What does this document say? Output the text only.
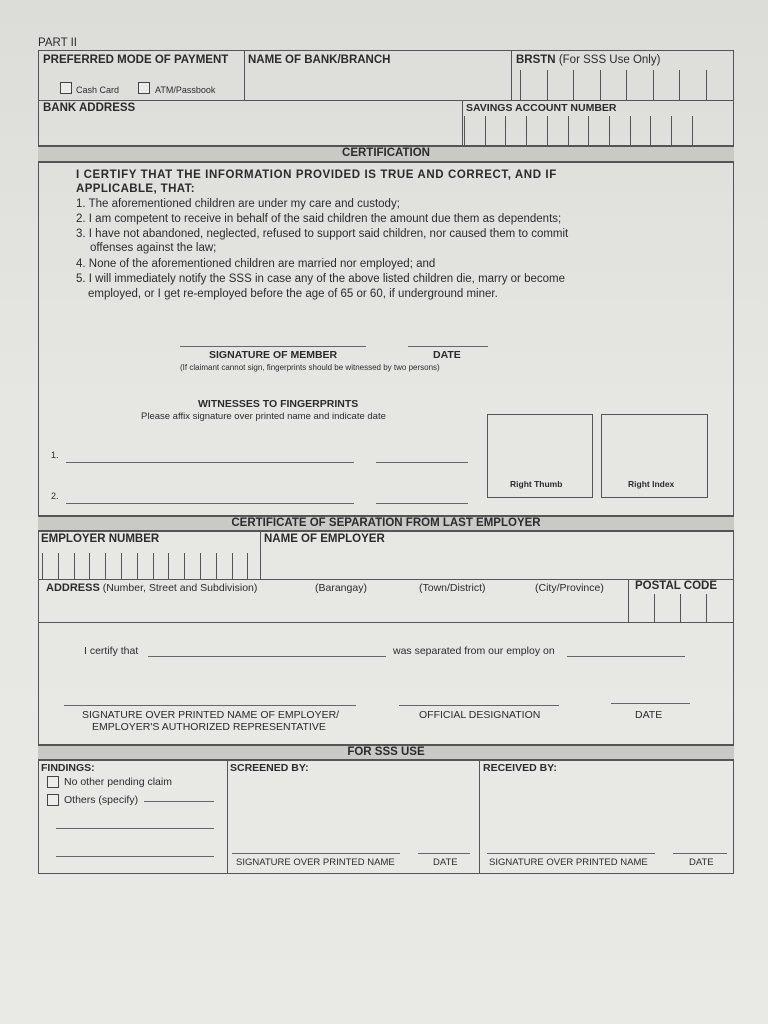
PART II
PREFERRED MODE OF PAYMENT
Cash Card	ATM/Passbook
NAME OF BANK/BRANCH	BRSTN (For SSS Use Only)
BANK ADDRESS	SAVINGS ACCOUNT NUMBER
CERTIFICATION
I CERTIFY THAT THE INFORMATION PROVIDED IS TRUE AND CORRECT, AND IF
APPLICABLE, THAT:
1. The aforementioned children are under my care and custody;
2. I am competent to receive in behalf of the said children the amount due them as dependents;
3. I have not abandoned, neglected, refused to support said children, nor caused them to commit
offenses against the law;
4. None of the aforementioned children are married nor employed; and
5. I will immediately notify the SSS in case any of the above listed children die, marry or become
employed, or I get re-employed before the age of 65 or 60, if underground miner.
SIGNATURE OF MEMBER	DATE
(If claimant cannot sign, fingerprints should be witnessed by two persons)
WITNESSES TO FINGERPRINTS
Please affix signature over printed name and indicate date
1.
2.
Right Thumb	Right Index
CERTIFICATE OF SEPARATION FROM LAST EMPLOYER
EMPLOYER NUMBER	NAME OF EMPLOYER
ADDRESS (Number, Street and Subdivision)	(Barangay)	(Town/District)	(City/Province)	POSTAL CODE
I certify that	was separated from our employ on
SIGNATURE OVER PRINTED NAME OF EMPLOYER/
EMPLOYER'S AUTHORIZED REPRESENTATIVE
OFFICIAL DESIGNATION	DATE
FOR SSS USE
FINDINGS:
No other pending claim
Others (specify)
SCREENED BY:
SIGNATURE OVER PRINTED NAME	DATE
RECEIVED BY:
SIGNATURE OVER PRINTED NAME	DATE
